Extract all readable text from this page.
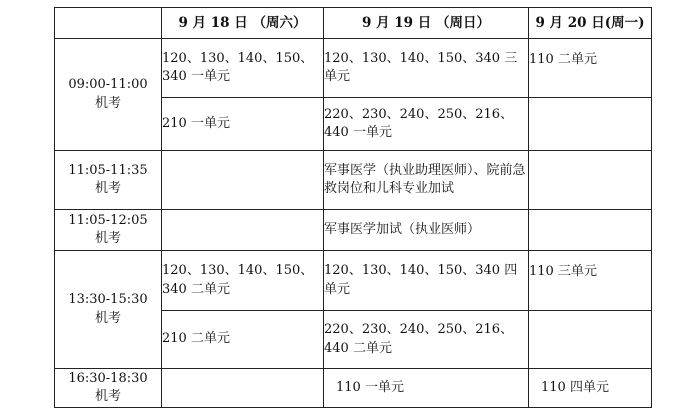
	9 月 18 日 （周六）	9 月 19 日 （周日）	9 月 20 日(周一)

09:00-11:00
机考	120、130、140、150、340 一单元	120、130、140、150、340 三单元	110 二单元
	210 一单元	220、230、240、250、216、440 一单元	

11:05-11:35
机考		军事医学（执业助理医师）、院前急救岗位和儿科专业加试	

11:05-12:05
机考		军事医学加试（执业医师）	

13:30-15:30
机考	120、130、140、150、340 二单元	120、130、140、150、340 四单元	110 三单元
	210 二单元	220、230、240、250、216、440 二单元	

16:30-18:30
机考		110 一单元	110 四单元
